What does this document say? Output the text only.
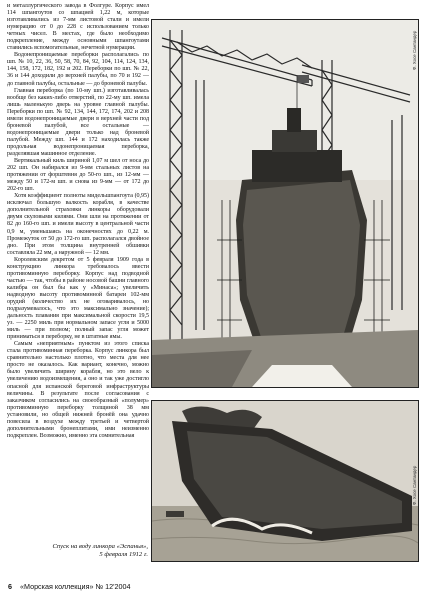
и металлургического завода в Фолгуре. Корпус имел 114 шпангоутов со шпацией 1,22 м, которые изготавливались из 7-мм листовой стали и имели нумерацию от 0 до 228 с использованием только четных чисел. В местах, где было необходимо подкрепление, между основными шпангоутами ставились вспомогательные, нечетной нумерации.

Водонепроницаемые переборки располагались по шп. № 10, 22, 36, 50, 58, 70, 84, 92, 104, 114, 124, 134, 144, 158, 172, 182, 192 и 202. Переборки по шп. № 22, 36 и 144 доходили до верхней палубы, по 70 и 192 — до главной палубы, остальные — до броневой палубы.

Главная переборка (по 10-му шп.) изготавливалась вообще без каких-либо отверстий, по 22-му шп. имела лишь маленькую дверь на уровне главной палубы. Переборки по шп. № 92, 134, 144, 172, 174, 202 и 208 имели водонепроницаемые двери в верхней части под броневой палубой, все остальные — водонепроницаемые двери только над броневой палубой. Между шп. 144 и 172 находилась также продольная водонепроницаемая переборка, разделявшая машинное отделение.

Вертикальный киль шириной 1,07 м шел от носа до 202 шп. Он набирался из 9-мм стальных листов на протяжении от форштевня до 50-го шп., из 12-мм — между 50 и 172-м шп. и снова из 9-мм — от 172 до 202-го шп.

Хотя коэффициент полноты мидельшпангоута (0,95) исключал большую валкость корабля, в качестве дополнительной страховки линкоры оборудовали двумя скуловыми килями. Они шли на протяжении от 82 до 160-го шп. и имели высоту в центральной части 0,9 м, уменьшаясь на оконечностях до 0,22 м. Промежуток от 50 до 172-го шп. располагался двойное дно. При этом толщина внутренней обшивки составляла 22 мм, а наружной — 12 мм.

Королевским декретом от 5 февраля 1909 года в конструкцию линкора требовалось ввести противоминную переборку. Корпус над подводной частью — так, чтобы в районе носовой башни главного калибра он был бы как у «Минаса»; увеличить надводную высоту противоминной батареи 102-мм орудий (количество их не оговаривалось, но подразумевалось, что это максимально значение); дальность плавания при максимальной скорости 19,5 уз. — 2250 миль при нормальном запасе угля и 5000 миль — при полном; полный запас угля может приниматься в переборку, не в штатные ямы.

Самым «неприятным» пунктом из этого списка стала противоминная переборка. Корпус линкора был сравнительно настолько плотно, что места для нее просто не оказалось. Как вариант, конечно, можно было увеличить ширину корабля, но это вело к увеличению водоизмещения, а оно и так уже достигло опасной для испанской береговой инфраструктуры величины. В результате после согласования с заказчиком согласились на своеобразный «полумер» противоминную переборку толщиной 38 мм установили, но общей нижней бронёй она удачно повесила в воздухе между третьей и четвертой дополнительными бронеплитами, ими неизменно подкреплен. Возможно, именно эта сомнительная

Ф. Хосе Сантандер
Ф. Хосе Сантандер
Спуск на воду линкора «Эспанья»,
5 февраля 1912 г.
6 «Морская коллекция» № 12'2004
